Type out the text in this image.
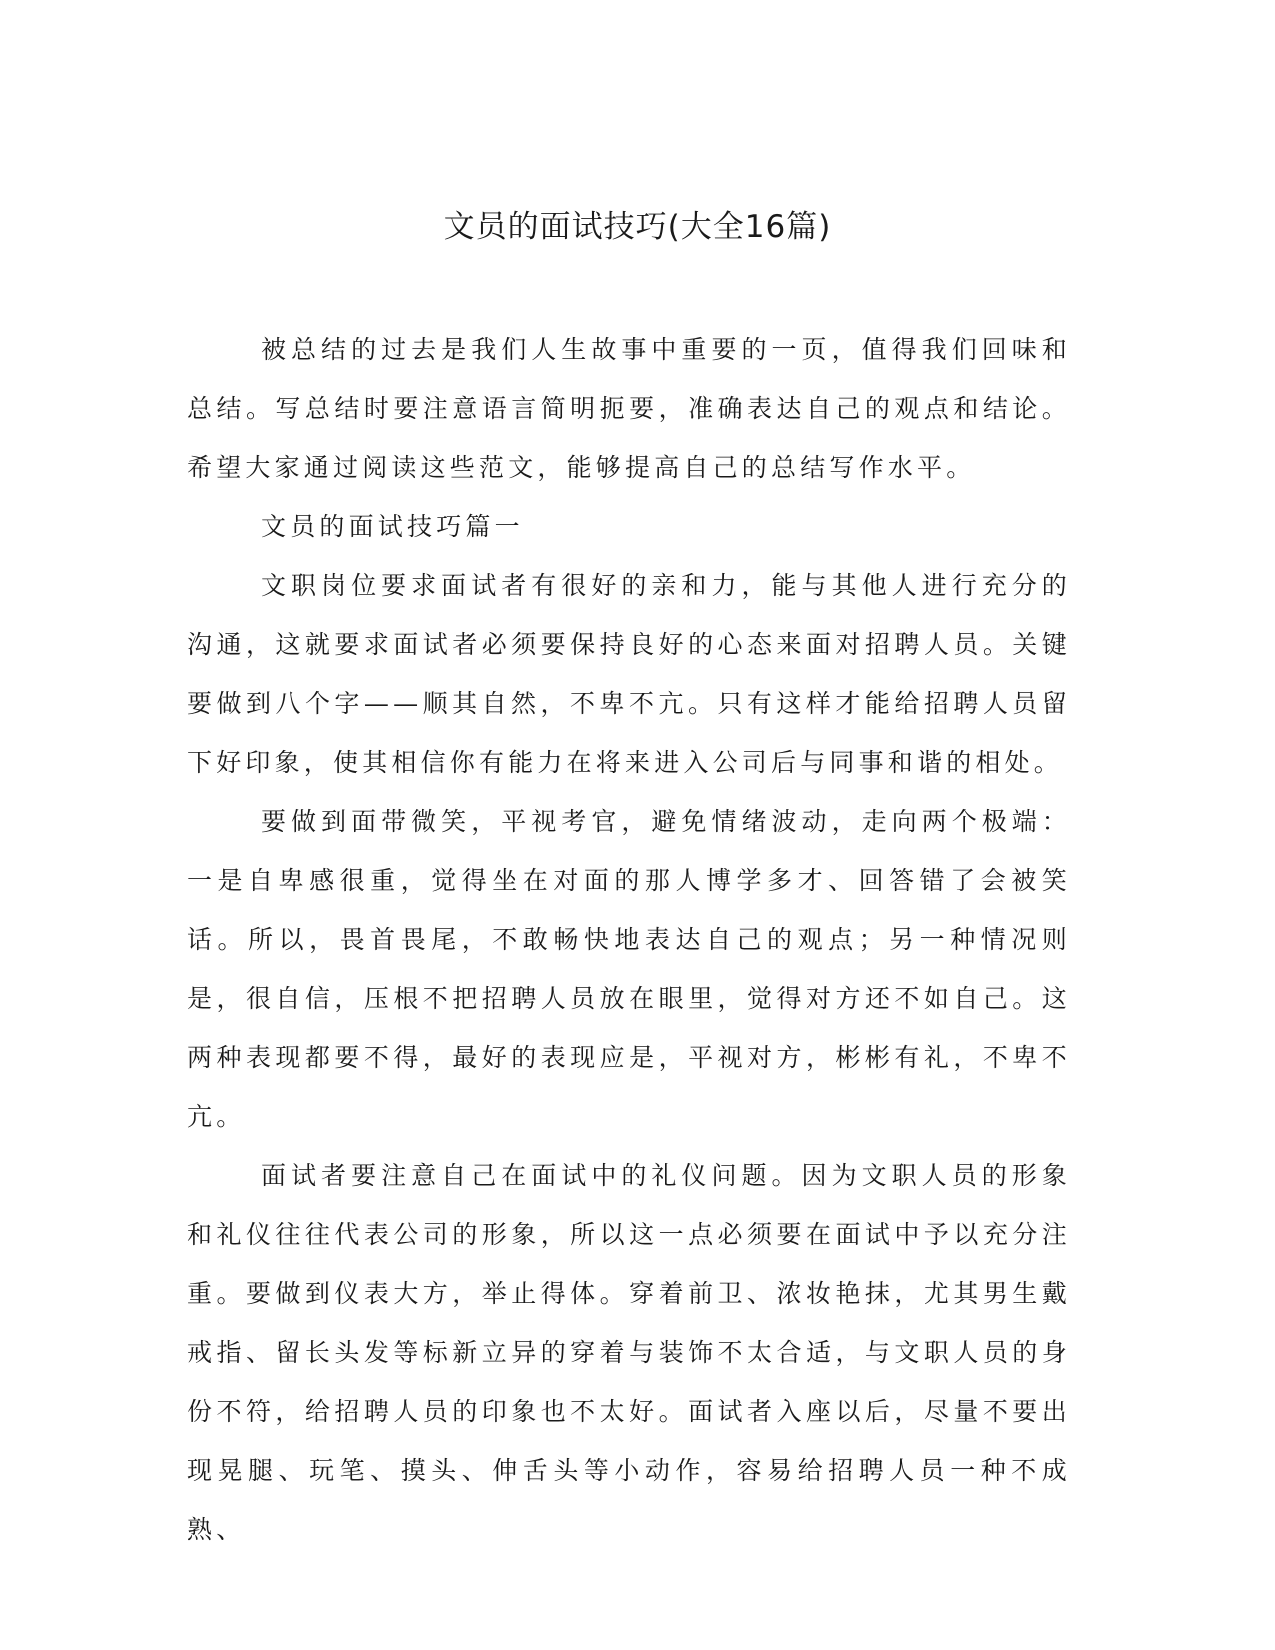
文员的面试技巧(大全16篇)

被总结的过去是我们人生故事中重要的一页，值得我们回味和总结。写总结时要注意语言简明扼要，准确表达自己的观点和结论。希望大家通过阅读这些范文，能够提高自己的总结写作水平。

文员的面试技巧篇一

文职岗位要求面试者有很好的亲和力，能与其他人进行充分的沟通，这就要求面试者必须要保持良好的心态来面对招聘人员。关键要做到八个字——顺其自然，不卑不亢。只有这样才能给招聘人员留下好印象，使其相信你有能力在将来进入公司后与同事和谐的相处。

要做到面带微笑，平视考官，避免情绪波动，走向两个极端：一是自卑感很重，觉得坐在对面的那人博学多才、回答错了会被笑话。所以，畏首畏尾，不敢畅快地表达自己的观点；另一种情况则是，很自信，压根不把招聘人员放在眼里，觉得对方还不如自己。这两种表现都要不得，最好的表现应是，平视对方，彬彬有礼，不卑不亢。

面试者要注意自己在面试中的礼仪问题。因为文职人员的形象和礼仪往往代表公司的形象，所以这一点必须要在面试中予以充分注重。要做到仪表大方，举止得体。穿着前卫、浓妆艳抹，尤其男生戴戒指、留长头发等标新立异的穿着与装饰不太合适，与文职人员的身份不符，给招聘人员的印象也不太好。面试者入座以后，尽量不要出现晃腿、玩笔、摸头、伸舌头等小动作，容易给招聘人员一种不成熟、
